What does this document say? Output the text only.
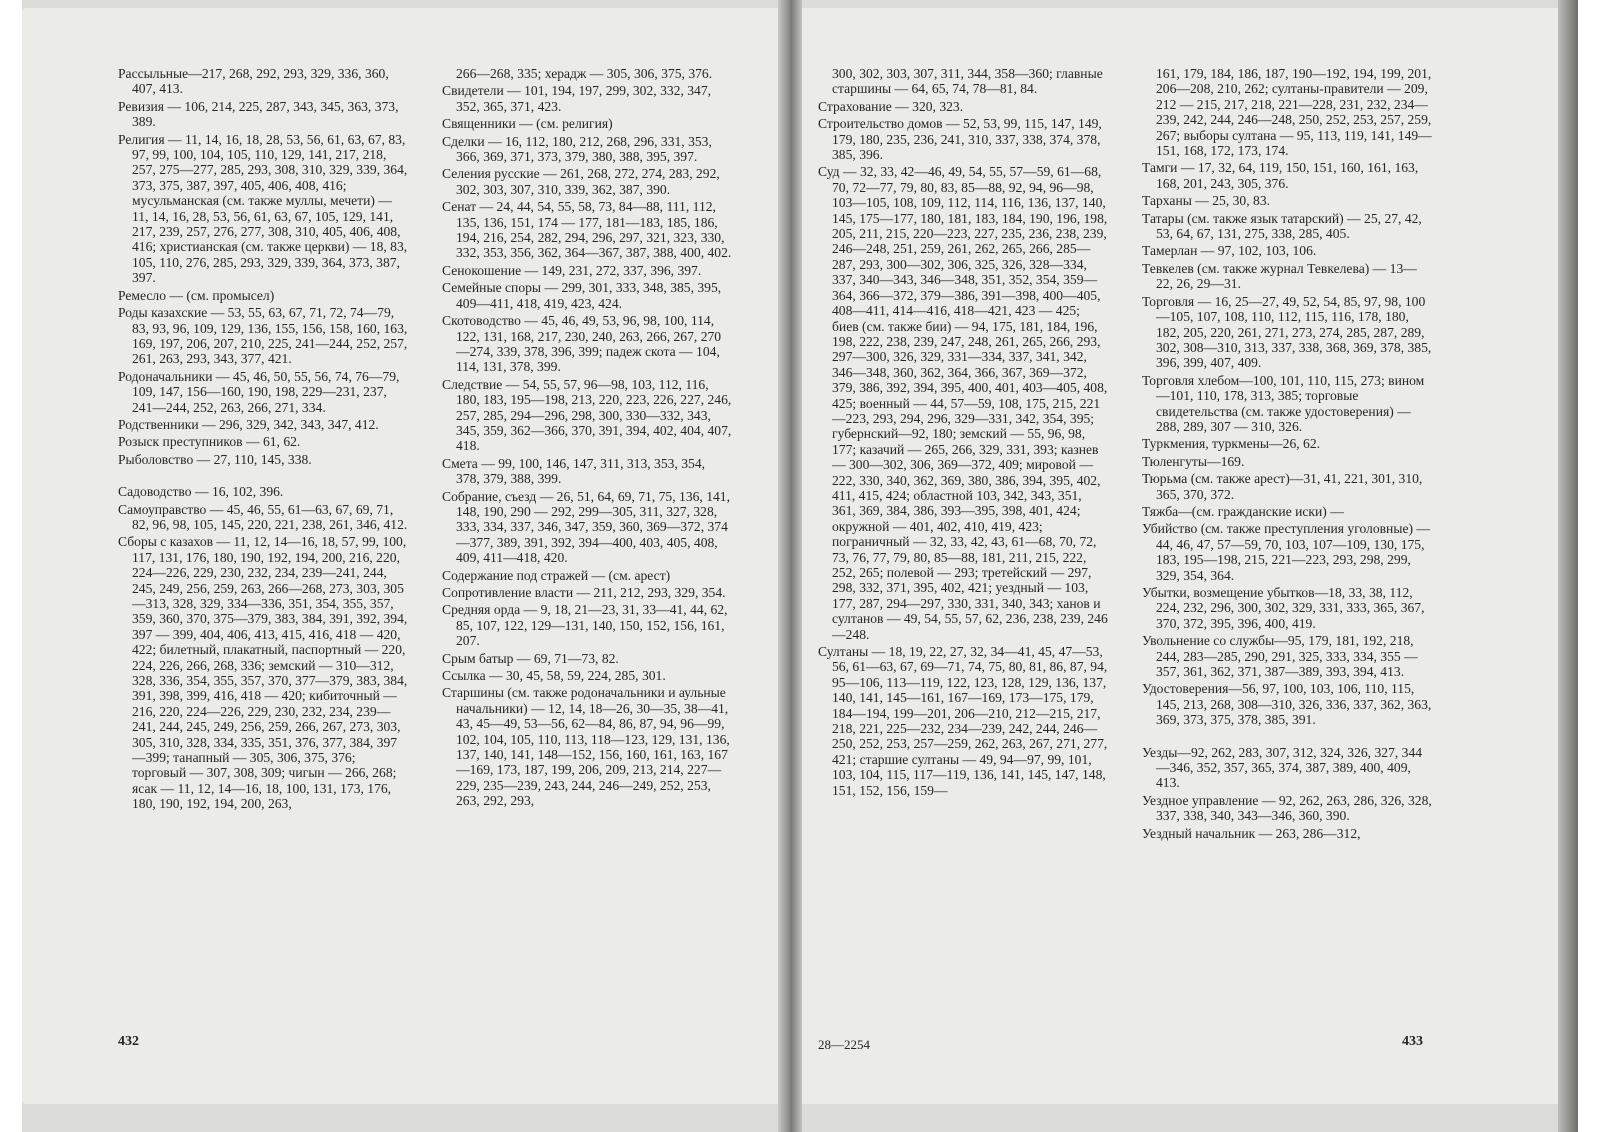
Рассыльные—217, 268, 292, 293, 329, 336, 360, 407, 413.

Ревизия — 106, 214, 225, 287, 343, 345, 363, 373, 389.

Религия — 11, 14, 16, 18, 28, 53, 56, 61, 63, 67, 83, 97, 99, 100, 104, 105, 110, 129, 141, 217, 218, 257, 275—277, 285, 293, 308, 310, 329, 339, 364, 373, 375, 387, 397, 405, 406, 408, 416; мусульманская (см. также муллы, мечети) — 11, 14, 16, 28, 53, 56, 61, 63, 67, 105, 129, 141, 217, 239, 257, 276, 277, 308, 310, 405, 406, 408, 416; христианская (см. также церкви) — 18, 83, 105, 110, 276, 285, 293, 329, 339, 364, 373, 387, 397.

Ремесло — (см. промысел)

Роды казахские — 53, 55, 63, 67, 71, 72, 74—79, 83, 93, 96, 109, 129, 136, 155, 156, 158, 160, 163, 169, 197, 206, 207, 210, 225, 241—244, 252, 257, 261, 263, 293, 343, 377, 421.

Родоначальники — 45, 46, 50, 55, 56, 74, 76—79, 109, 147, 156—160, 190, 198, 229—231, 237, 241—244, 252, 263, 266, 271, 334.

Родственники — 296, 329, 342, 343, 347, 412.

Розыск преступников — 61, 62.

Рыболовство — 27, 110, 145, 338.

Садоводство — 16, 102, 396.

Самоуправство — 45, 46, 55, 61—63, 67, 69, 71, 82, 96, 98, 105, 145, 220, 221, 238, 261, 346, 412.

Сборы с казахов — 11, 12, 14—16, 18, 57, 99, 100, 117, 131, 176, 180, 190, 192, 194, 200, 216, 220, 224—226, 229, 230, 232, 234, 239—241, 244, 245, 249, 256, 259, 263, 266—268, 273, 303, 305—313, 328, 329, 334—336, 351, 354, 355, 357, 359, 360, 370, 375—379, 383, 384, 391, 392, 394, 397 — 399, 404, 406, 413, 415, 416, 418 — 420, 422; билетный, плакатный, паспортный — 220, 224, 226, 266, 268, 336; земский — 310—312, 328, 336, 354, 355, 357, 370, 377—379, 383, 384, 391, 398, 399, 416, 418 — 420; кибиточный — 216, 220, 224—226, 229, 230, 232, 234, 239—241, 244, 245, 249, 256, 259, 266, 267, 273, 303, 305, 310, 328, 334, 335, 351, 376, 377, 384, 397—399; танапный — 305, 306, 375, 376; торговый — 307, 308, 309; чигын — 266, 268; ясак — 11, 12, 14—16, 18, 100, 131, 173, 176, 180, 190, 192, 194, 200, 263,

266—268, 335; херадж — 305, 306, 375, 376.

Свидетели — 101, 194, 197, 299, 302, 332, 347, 352, 365, 371, 423.

Священники — (см. религия)

Сделки — 16, 112, 180, 212, 268, 296, 331, 353, 366, 369, 371, 373, 379, 380, 388, 395, 397.

Селения русские — 261, 268, 272, 274, 283, 292, 302, 303, 307, 310, 339, 362, 387, 390.

Сенат — 24, 44, 54, 55, 58, 73, 84—88, 111, 112, 135, 136, 151, 174 — 177, 181—183, 185, 186, 194, 216, 254, 282, 294, 296, 297, 321, 323, 330, 332, 353, 356, 362, 364—367, 387, 388, 400, 402.

Сенокошение — 149, 231, 272, 337, 396, 397.

Семейные споры — 299, 301, 333, 348, 385, 395, 409—411, 418, 419, 423, 424.

Скотоводство — 45, 46, 49, 53, 96, 98, 100, 114, 122, 131, 168, 217, 230, 240, 263, 266, 267, 270—274, 339, 378, 396, 399; падеж скота — 104, 114, 131, 378, 399.

Следствие — 54, 55, 57, 96—98, 103, 112, 116, 180, 183, 195—198, 213, 220, 223, 226, 227, 246, 257, 285, 294—296, 298, 300, 330—332, 343, 345, 359, 362—366, 370, 391, 394, 402, 404, 407, 418.

Смета — 99, 100, 146, 147, 311, 313, 353, 354, 378, 379, 388, 399.

Собрание, съезд — 26, 51, 64, 69, 71, 75, 136, 141, 148, 190, 290 — 292, 299—305, 311, 327, 328, 333, 334, 337, 346, 347, 359, 360, 369—372, 374—377, 389, 391, 392, 394—400, 403, 405, 408, 409, 411—418, 420.

Содержание под стражей — (см. арест)

Сопротивление власти — 211, 212, 293, 329, 354.

Средняя орда — 9, 18, 21—23, 31, 33—41, 44, 62, 85, 107, 122, 129—131, 140, 150, 152, 156, 161, 207.

Срым батыр — 69, 71—73, 82.

Ссылка — 30, 45, 58, 59, 224, 285, 301.

Старшины (см. также родоначальники и аульные начальники) — 12, 14, 18—26, 30—35, 38—41, 43, 45—49, 53—56, 62—84, 86, 87, 94, 96—99, 102, 104, 105, 110, 113, 118—123, 129, 131, 136, 137, 140, 141, 148—152, 156, 160, 161, 163, 167—169, 173, 187, 199, 206, 209, 213, 214, 227—229, 235—239, 243, 244, 246—249, 252, 253, 263, 292, 293,

300, 302, 303, 307, 311, 344, 358—360; главные старшины — 64, 65, 74, 78—81, 84.

Страхование — 320, 323.

Строительство домов — 52, 53, 99, 115, 147, 149, 179, 180, 235, 236, 241, 310, 337, 338, 374, 378, 385, 396.

Суд — 32, 33, 42—46, 49, 54, 55, 57—59, 61—68, 70, 72—77, 79, 80, 83, 85—88, 92, 94, 96—98, 103—105, 108, 109, 112, 114, 116, 136, 137, 140, 145, 175—177, 180, 181, 183, 184, 190, 196, 198, 205, 211, 215, 220—223, 227, 235, 236, 238, 239, 246—248, 251, 259, 261, 262, 265, 266, 285—287, 293, 300—302, 306, 325, 326, 328—334, 337, 340—343, 346—348, 351, 352, 354, 359—364, 366—372, 379—386, 391—398, 400—405, 408—411, 414—416, 418—421, 423 — 425; биев (см. также бии) — 94, 175, 181, 184, 196, 198, 222, 238, 239, 247, 248, 261, 265, 266, 293, 297—300, 326, 329, 331—334, 337, 341, 342, 346—348, 360, 362, 364, 366, 367, 369—372, 379, 386, 392, 394, 395, 400, 401, 403—405, 408, 425; военный — 44, 57—59, 108, 175, 215, 221—223, 293, 294, 296, 329—331, 342, 354, 395; губернский—92, 180; земский — 55, 96, 98, 177; казачий — 265, 266, 329, 331, 393; казнев — 300—302, 306, 369—372, 409; мировой — 222, 330, 340, 362, 369, 380, 386, 394, 395, 402, 411, 415, 424; областной 103, 342, 343, 351, 361, 369, 384, 386, 393—395, 398, 401, 424; окружной — 401, 402, 410, 419, 423; пограничный — 32, 33, 42, 43, 61—68, 70, 72, 73, 76, 77, 79, 80, 85—88, 181, 211, 215, 222, 252, 265; полевой — 293; третейский — 297, 298, 332, 371, 395, 402, 421; уездный — 103, 177, 287, 294—297, 330, 331, 340, 343; ханов и султанов — 49, 54, 55, 57, 62, 236, 238, 239, 246—248.

Султаны — 18, 19, 22, 27, 32, 34—41, 45, 47—53, 56, 61—63, 67, 69—71, 74, 75, 80, 81, 86, 87, 94, 95—106, 113—119, 122, 123, 128, 129, 136, 137, 140, 141, 145—161, 167—169, 173—175, 179, 184—194, 199—201, 206—210, 212—215, 217, 218, 221, 225—232, 234—239, 242, 244, 246—250, 252, 253, 257—259, 262, 263, 267, 271, 277, 421; старшие султаны — 49, 94—97, 99, 101, 103, 104, 115, 117—119, 136, 141, 145, 147, 148, 151, 152, 156, 159—

161, 179, 184, 186, 187, 190—192, 194, 199, 201, 206—208, 210, 262; султаны-правители — 209, 212 — 215, 217, 218, 221—228, 231, 232, 234—239, 242, 244, 246—248, 250, 252, 253, 257, 259, 267; выборы султана — 95, 113, 119, 141, 149—151, 168, 172, 173, 174.

Тамги — 17, 32, 64, 119, 150, 151, 160, 161, 163, 168, 201, 243, 305, 376.

Тарханы — 25, 30, 83.

Татары (см. также язык татарский) — 25, 27, 42, 53, 64, 67, 131, 275, 338, 285, 405.

Тамерлан — 97, 102, 103, 106.

Тевкелев (см. также журнал Тевкелева) — 13—22, 26, 29—31.

Торговля — 16, 25—27, 49, 52, 54, 85, 97, 98, 100—105, 107, 108, 110, 112, 115, 116, 178, 180, 182, 205, 220, 261, 271, 273, 274, 285, 287, 289, 302, 308—310, 313, 337, 338, 368, 369, 378, 385, 396, 399, 407, 409.

Торговля хлебом—100, 101, 110, 115, 273; вином—101, 110, 178, 313, 385; торговые свидетельства (см. также удостоверения) —288, 289, 307 — 310, 326.

Туркмения, туркмены—26, 62.

Тюленгуты—169.

Тюрьма (см. также арест)—31, 41, 221, 301, 310, 365, 370, 372.

Тяжба—(см. гражданские иски) —

Убийство (см. также преступления уголовные) —44, 46, 47, 57—59, 70, 103, 107—109, 130, 175, 183, 195—198, 215, 221—223, 293, 298, 299, 329, 354, 364.

Убытки, возмещение убытков—18, 33, 38, 112, 224, 232, 296, 300, 302, 329, 331, 333, 365, 367, 370, 372, 395, 396, 400, 419.

Увольнение со службы—95, 179, 181, 192, 218, 244, 283—285, 290, 291, 325, 333, 334, 355 — 357, 361, 362, 371, 387—389, 393, 394, 413.

Удостоверения—56, 97, 100, 103, 106, 110, 115, 145, 213, 268, 308—310, 326, 336, 337, 362, 363, 369, 373, 375, 378, 385, 391.

Уезды—92, 262, 283, 307, 312, 324, 326, 327, 344—346, 352, 357, 365, 374, 387, 389, 400, 409, 413.

Уездное управление — 92, 262, 263, 286, 326, 328, 337, 338, 340, 343—346, 360, 390.

Уездный начальник — 263, 286—312,

432	28—2254	433
